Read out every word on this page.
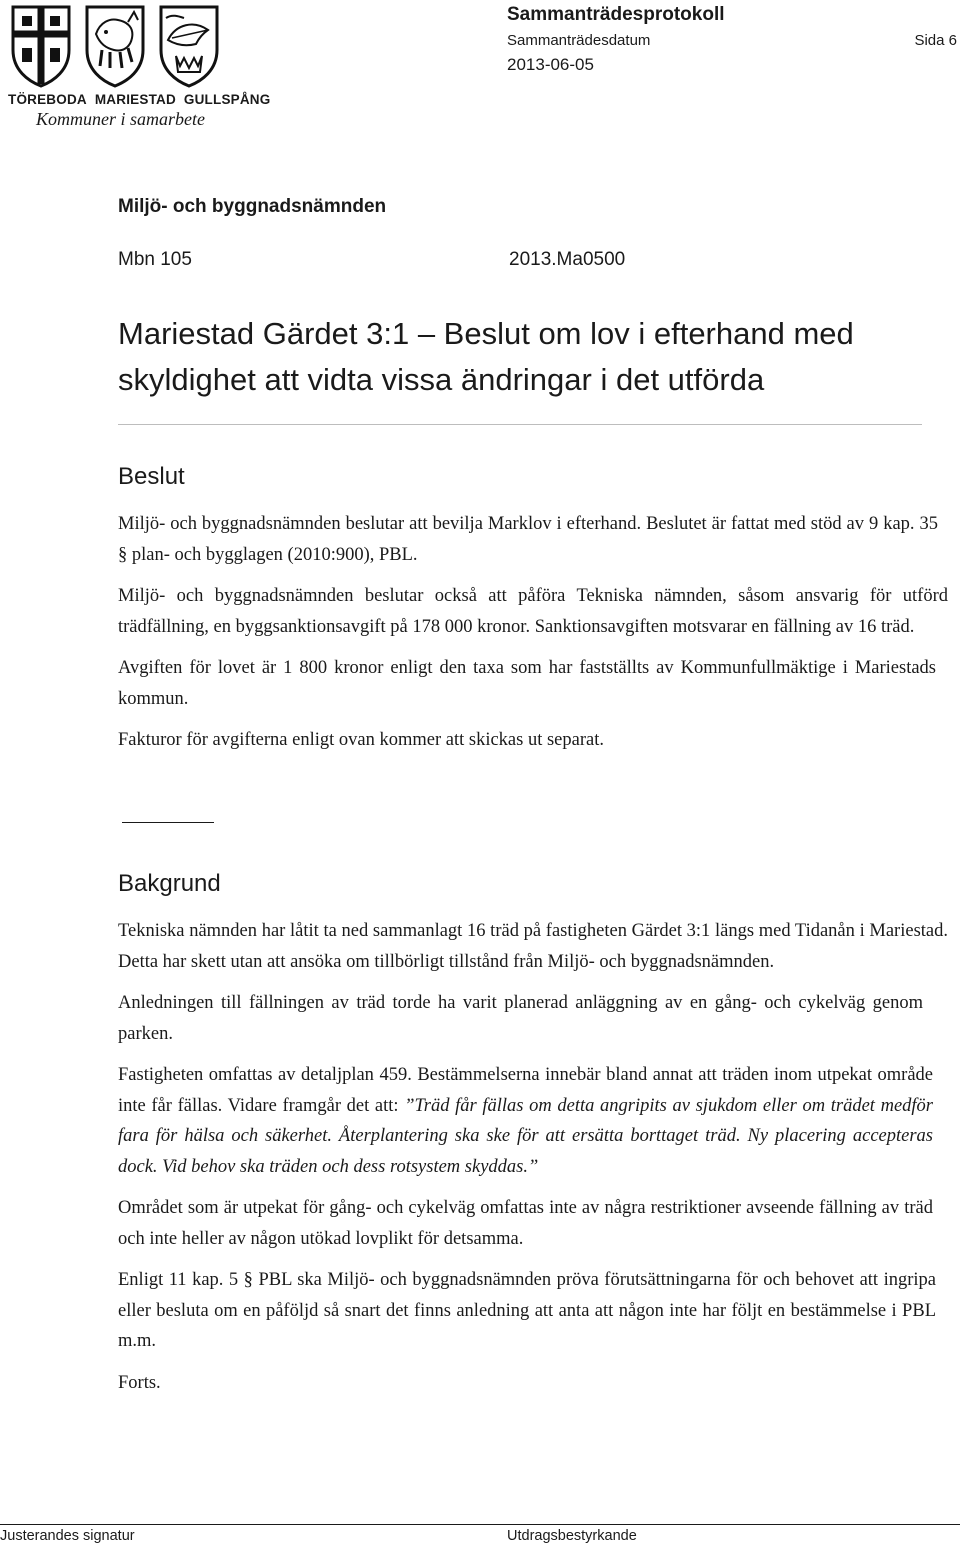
TÖREBODA MARIESTAD GULLSPÅNG
Kommuner i samarbete
Sammanträdesprotokoll
Sammanträdesdatum	Sida 6
2013-06-05
Miljö- och byggnadsnämnden
Mbn 105	2013.Ma0500
Mariestad Gärdet 3:1 – Beslut om lov i efterhand med
skyldighet att vidta vissa ändringar i det utförda
Beslut

Miljö- och byggnadsnämnden beslutar att bevilja Marklov i efterhand. Beslutet är fattat med stöd av 9 kap. 35 § plan- och bygglagen (2010:900), PBL.

Miljö- och byggnadsnämnden beslutar också att påföra Tekniska nämnden, såsom ansvarig för utförd trädfällning, en byggsanktionsavgift på 178 000 kronor. Sanktionsavgiften motsvarar en fällning av 16 träd.

Avgiften för lovet är 1 800 kronor enligt den taxa som har fastställts av Kommunfullmäktige i Mariestads kommun.

Fakturor för avgifterna enligt ovan kommer att skickas ut separat.

Bakgrund

Tekniska nämnden har låtit ta ned sammanlagt 16 träd på fastigheten Gärdet 3:1 längs med Tidanån i Mariestad. Detta har skett utan att ansöka om tillbörligt tillstånd från Miljö- och byggnadsnämnden.

Anledningen till fällningen av träd torde ha varit planerad anläggning av en gång- och cykelväg genom parken.

Fastigheten omfattas av detaljplan 459. Bestämmelserna innebär bland annat att träden inom utpekat område inte får fällas. Vidare framgår det att: ”Träd får fällas om detta angripits av sjukdom eller om trädet medför fara för hälsa och säkerhet. Återplantering ska ske för att ersätta borttaget träd. Ny placering accepteras dock. Vid behov ska träden och dess rotsystem skyddas.”

Området som är utpekat för gång- och cykelväg omfattas inte av några restriktioner avseende fällning av träd och inte heller av någon utökad lovplikt för detsamma.

Enligt 11 kap. 5 § PBL ska Miljö- och byggnadsnämnden pröva förutsättningarna för och behovet att ingripa eller besluta om en påföljd så snart det finns anledning att anta att någon inte har följt en bestämmelse i PBL m.m.

Forts.

Justerandes signatur	Utdragsbestyrkande
